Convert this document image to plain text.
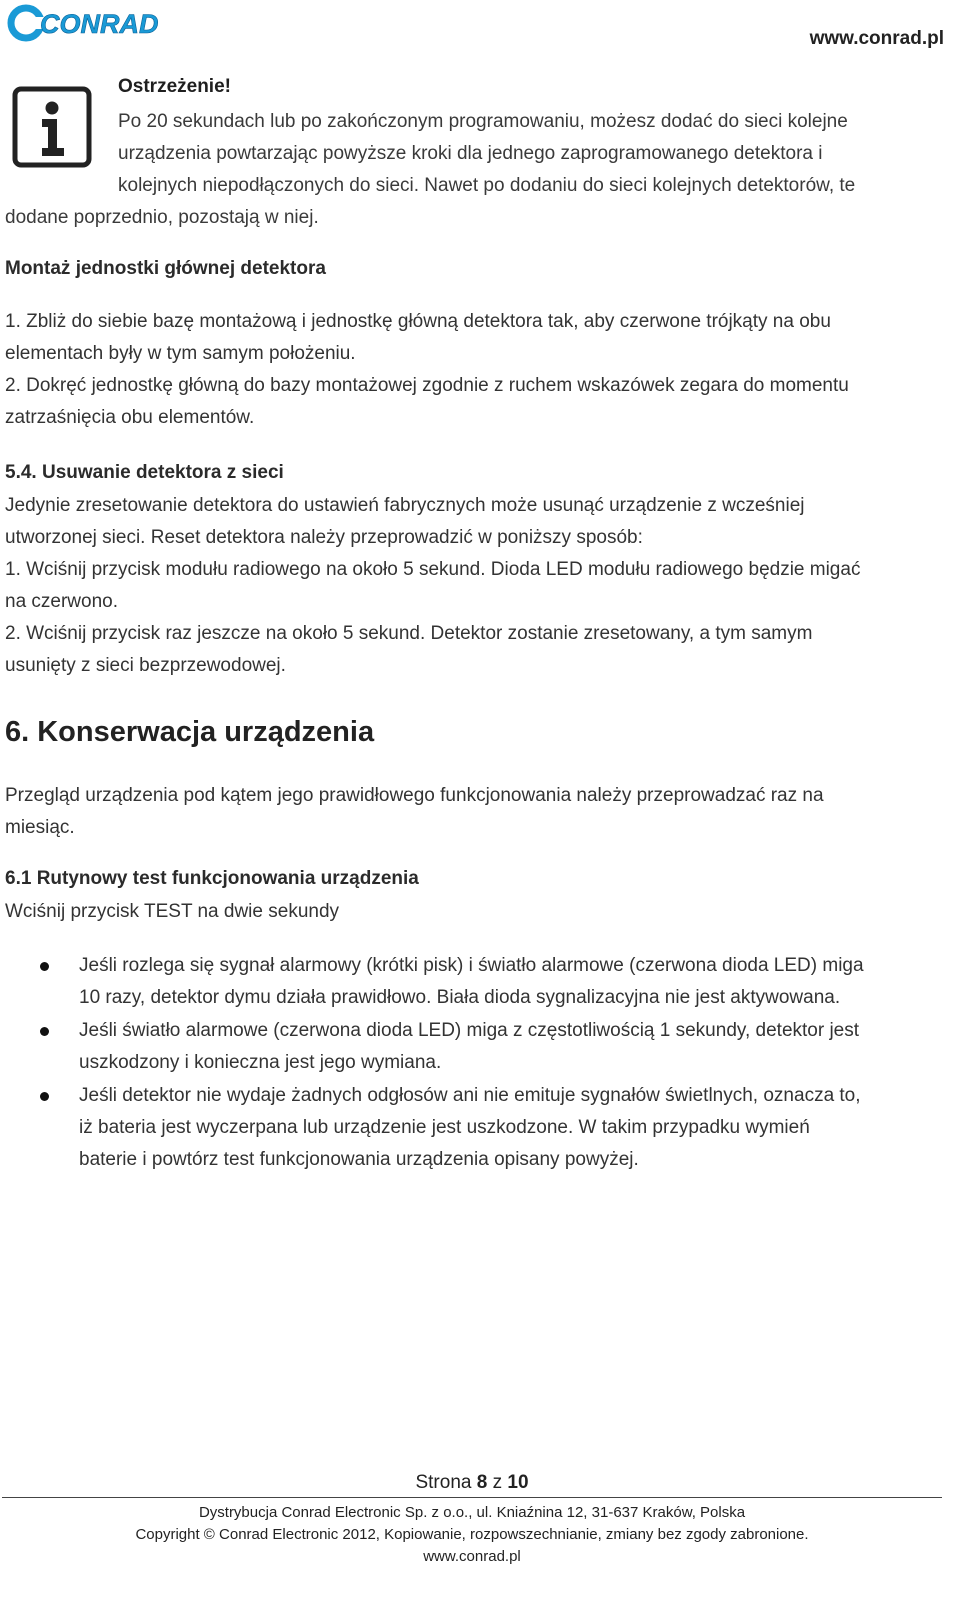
CONRAD	www.conrad.pl
Ostrzeżenie!
Po 20 sekundach lub po zakończonym programowaniu, możesz dodać do sieci kolejne
urządzenia powtarzając powyższe kroki dla jednego zaprogramowanego detektora i
kolejnych niepodłączonych do sieci. Nawet po dodaniu do sieci kolejnych detektorów, te
dodane poprzednio, pozostają w niej.
Montaż jednostki głównej detektora
1. Zbliż do siebie bazę montażową i jednostkę główną detektora tak, aby czerwone trójkąty na obu
elementach były w tym samym położeniu.
2. Dokręć jednostkę główną do bazy montażowej zgodnie z ruchem wskazówek zegara do momentu
zatrzaśnięcia obu elementów.
5.4. Usuwanie detektora z sieci
Jedynie zresetowanie detektora do ustawień fabrycznych może usunąć urządzenie z wcześniej
utworzonej sieci. Reset detektora należy przeprowadzić w poniższy sposób:
1. Wciśnij przycisk modułu radiowego na około 5 sekund. Dioda LED modułu radiowego będzie migać
na czerwono.
2. Wciśnij przycisk raz jeszcze na około 5 sekund. Detektor zostanie zresetowany, a tym samym
usunięty z sieci bezprzewodowej.
6. Konserwacja urządzenia
Przegląd urządzenia pod kątem jego prawidłowego funkcjonowania należy przeprowadzać raz na
miesiąc.
6.1 Rutynowy test funkcjonowania urządzenia
Wciśnij przycisk TEST na dwie sekundy
Jeśli rozlega się sygnał alarmowy (krótki pisk) i światło alarmowe (czerwona dioda LED) miga
10 razy, detektor dymu działa prawidłowo. Biała dioda sygnalizacyjna nie jest aktywowana.
Jeśli światło alarmowe (czerwona dioda LED) miga z częstotliwością 1 sekundy, detektor jest
uszkodzony i konieczna jest jego wymiana.
Jeśli detektor nie wydaje żadnych odgłosów ani nie emituje sygnałów świetlnych, oznacza to,
iż bateria jest wyczerpana lub urządzenie jest uszkodzone. W takim przypadku wymień
baterie i powtórz test funkcjonowania urządzenia opisany powyżej.
Strona 8 z 10
Dystrybucja Conrad Electronic Sp. z o.o., ul. Kniaźnina 12, 31-637 Kraków, Polska
Copyright © Conrad Electronic 2012, Kopiowanie, rozpowszechnianie, zmiany bez zgody zabronione.
www.conrad.pl
